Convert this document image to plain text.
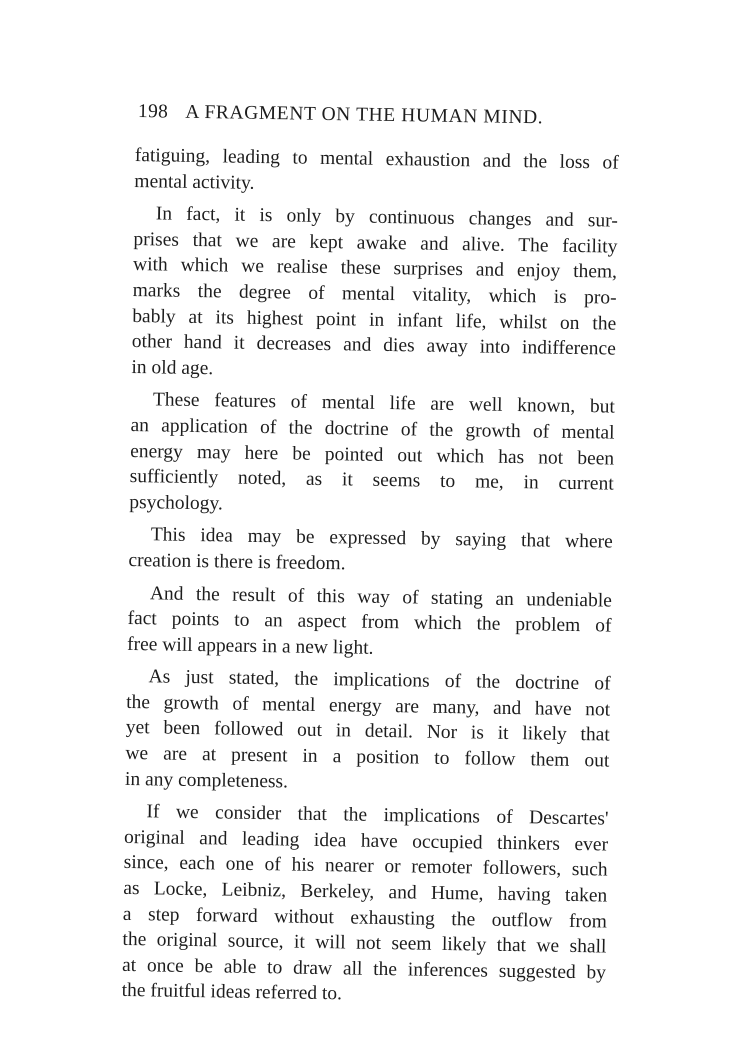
198 A FRAGMENT ON THE HUMAN MIND.
fatiguing, leading to mental exhaustion and the loss of
mental activity.
In fact, it is only by continuous changes and sur-
prises that we are kept awake and alive. The facility
with which we realise these surprises and enjoy them,
marks the degree of mental vitality, which is pro-
bably at its highest point in infant life, whilst on the
other hand it decreases and dies away into indifference
in old age.
These features of mental life are well known, but
an application of the doctrine of the growth of mental
energy may here be pointed out which has not been
sufficiently noted, as it seems to me, in current
psychology.
This idea may be expressed by saying that where
creation is there is freedom.
And the result of this way of stating an undeniable
fact points to an aspect from which the problem of
free will appears in a new light.
As just stated, the implications of the doctrine of
the growth of mental energy are many, and have not
yet been followed out in detail. Nor is it likely that
we are at present in a position to follow them out
in any completeness.
If we consider that the implications of Descartes'
original and leading idea have occupied thinkers ever
since, each one of his nearer or remoter followers, such
as Locke, Leibniz, Berkeley, and Hume, having taken
a step forward without exhausting the outflow from
the original source, it will not seem likely that we shall
at once be able to draw all the inferences suggested by
the fruitful ideas referred to.
